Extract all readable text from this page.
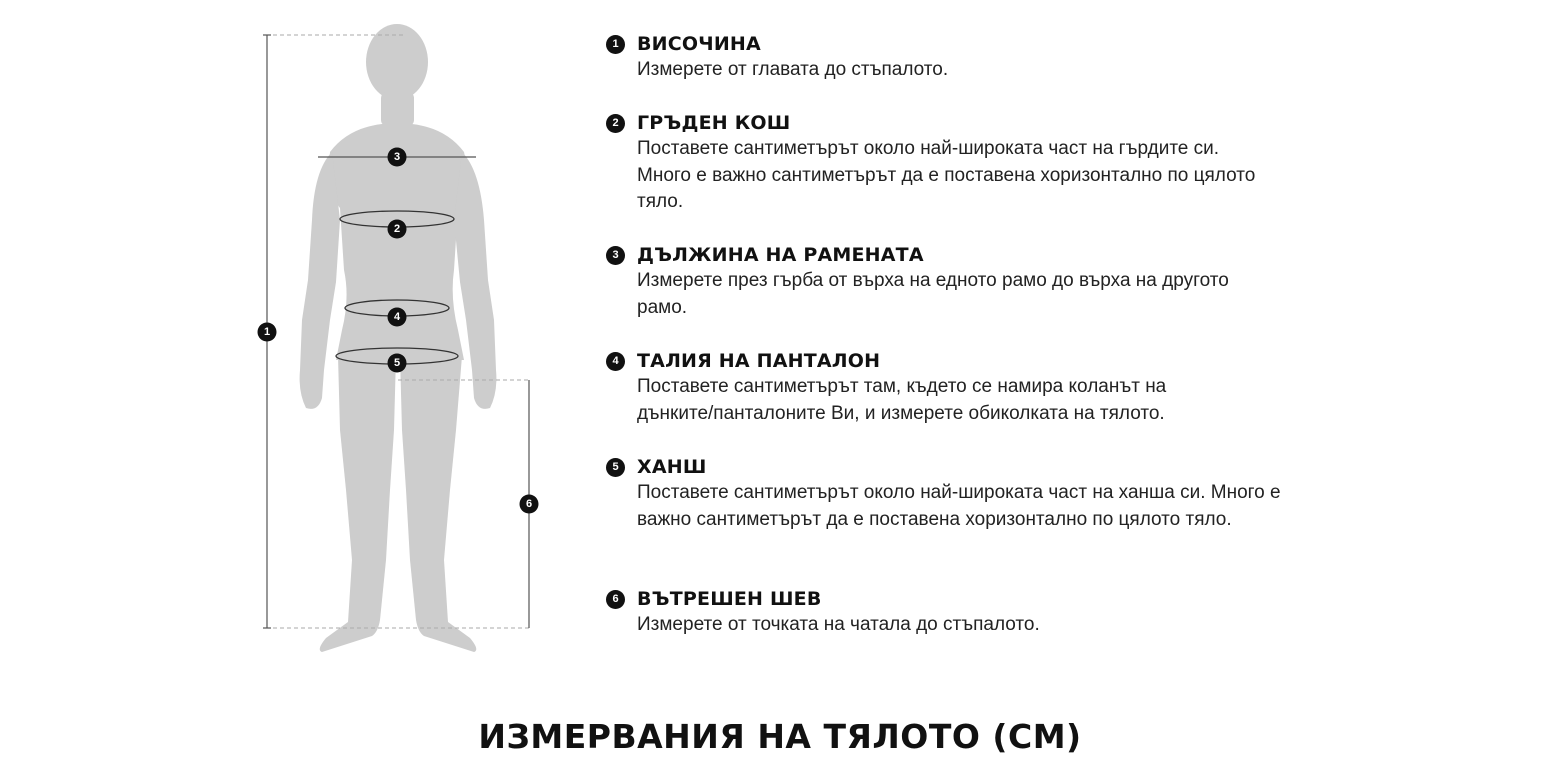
1
2
3
4
5
6
1 ВИСОЧИНА
Измерете от главата до стъпалото.
2 ГРЪДЕН КОШ
Поставете сантиметърът около най-широката част на гърдите си. Много е важно сантиметърът да е поставена хоризонтално по цялото тяло.
3 ДЪЛЖИНА НА РАМЕНАТА
Измерете през гърба от върха на едното рамо до върха на другото рамо.
4 ТАЛИЯ НА ПАНТАЛОН
Поставете сантиметърът там, където се намира коланът на дънките/панталоните Ви, и измерете обиколката на тялото.
5 ХАНШ
Поставете сантиметърът около най-широката част на ханша си. Много е важно сантиметърът да е поставена хоризонтално по цялото тяло.
6 ВЪТРЕШЕН ШЕВ
Измерете от точката на чатала до стъпалото.
ИЗМЕРВАНИЯ НА ТЯЛОТО (СМ)
